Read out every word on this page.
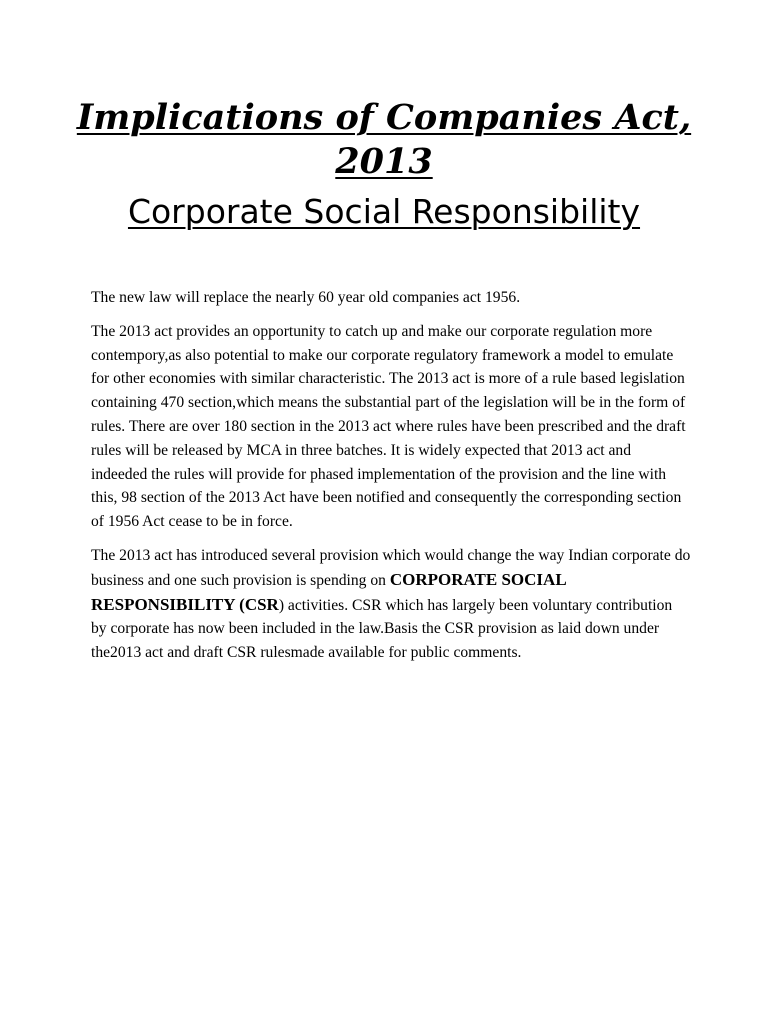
Implications of Companies Act,
2013
Corporate Social Responsibility

The new law will replace the nearly 60 year old companies act 1956.

The 2013 act provides an opportunity to catch up and make our corporate regulation more contempory,as also potential to make our corporate regulatory framework a model to emulate for other economies with similar characteristic. The 2013 act is more of a rule based legislation containing 470 section,which means the substantial part of the legislation will be in the form of rules. There are over 180 section in the 2013 act where rules have been prescribed and the draft rules will be released by MCA in three batches. It is widely expected that 2013 act and indeeded the rules will provide for phased implementation of the provision and the line with this, 98 section of the 2013 Act have been notified and consequently the corresponding section of 1956 Act cease to be in force.

The 2013 act has introduced several provision which would change the way Indian corporate do business and one such provision is spending on CORPORATE SOCIAL RESPONSIBILITY (CSR) activities. CSR which has largely been voluntary contribution by corporate has now been included in the law.Basis the CSR provision as laid down under the2013 act and draft CSR rulesmade available for public comments.
